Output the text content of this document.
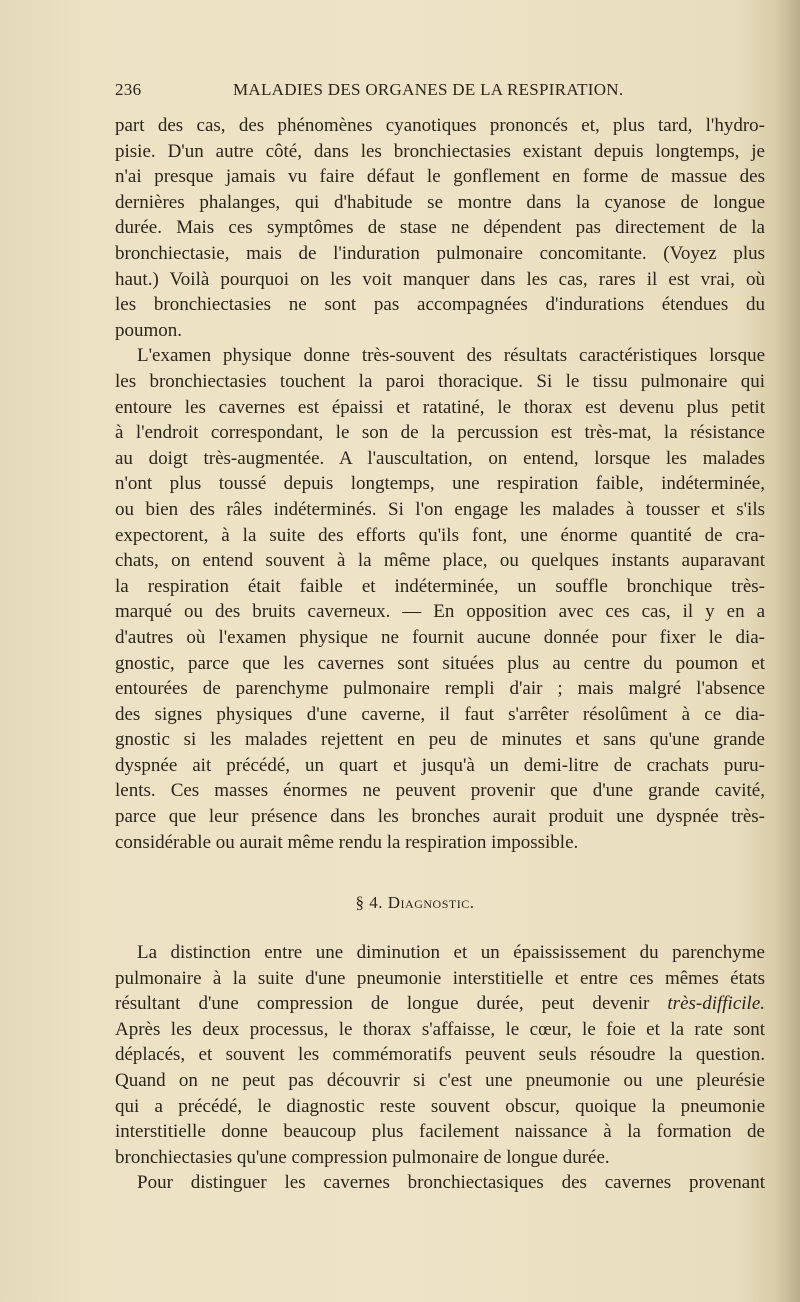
236	MALADIES DES ORGANES DE LA RESPIRATION.
part des cas, des phénomènes cyanotiques prononcés et, plus tard, l'hydro-
pisie. D'un autre côté, dans les bronchiectasies existant depuis longtemps, je
n'ai presque jamais vu faire défaut le gonflement en forme de massue des
dernières phalanges, qui d'habitude se montre dans la cyanose de longue
durée. Mais ces symptômes de stase ne dépendent pas directement de la
bronchiectasie, mais de l'induration pulmonaire concomitante. (Voyez plus
haut.) Voilà pourquoi on les voit manquer dans les cas, rares il est vrai, où
les bronchiectasies ne sont pas accompagnées d'indurations étendues du
poumon.
L'examen physique donne très-souvent des résultats caractéristiques lorsque
les bronchiectasies touchent la paroi thoracique. Si le tissu pulmonaire qui
entoure les cavernes est épaissi et ratatiné, le thorax est devenu plus petit
à l'endroit correspondant, le son de la percussion est très-mat, la résistance
au doigt très-augmentée. A l'auscultation, on entend, lorsque les malades
n'ont plus toussé depuis longtemps, une respiration faible, indéterminée,
ou bien des râles indéterminés. Si l'on engage les malades à tousser et s'ils
expectorent, à la suite des efforts qu'ils font, une énorme quantité de cra-
chats, on entend souvent à la même place, ou quelques instants auparavant
la respiration était faible et indéterminée, un souffle bronchique très-
marqué ou des bruits caverneux. — En opposition avec ces cas, il y en a
d'autres où l'examen physique ne fournit aucune donnée pour fixer le dia-
gnostic, parce que les cavernes sont situées plus au centre du poumon et
entourées de parenchyme pulmonaire rempli d'air ; mais malgré l'absence
des signes physiques d'une caverne, il faut s'arrêter résolûment à ce dia-
gnostic si les malades rejettent en peu de minutes et sans qu'une grande
dyspnée ait précédé, un quart et jusqu'à un demi-litre de crachats puru-
lents. Ces masses énormes ne peuvent provenir que d'une grande cavité,
parce que leur présence dans les bronches aurait produit une dyspnée très-
considérable ou aurait même rendu la respiration impossible.
§ 4. Diagnostic.
La distinction entre une diminution et un épaississement du parenchyme
pulmonaire à la suite d'une pneumonie interstitielle et entre ces mêmes états
résultant d'une compression de longue durée, peut devenir très-difficile.
Après les deux processus, le thorax s'affaisse, le cœur, le foie et la rate sont
déplacés, et souvent les commémoratifs peuvent seuls résoudre la question.
Quand on ne peut pas découvrir si c'est une pneumonie ou une pleurésie
qui a précédé, le diagnostic reste souvent obscur, quoique la pneumonie
interstitielle donne beaucoup plus facilement naissance à la formation de
bronchiectasies qu'une compression pulmonaire de longue durée.
Pour distinguer les cavernes bronchiectasiques des cavernes provenant
